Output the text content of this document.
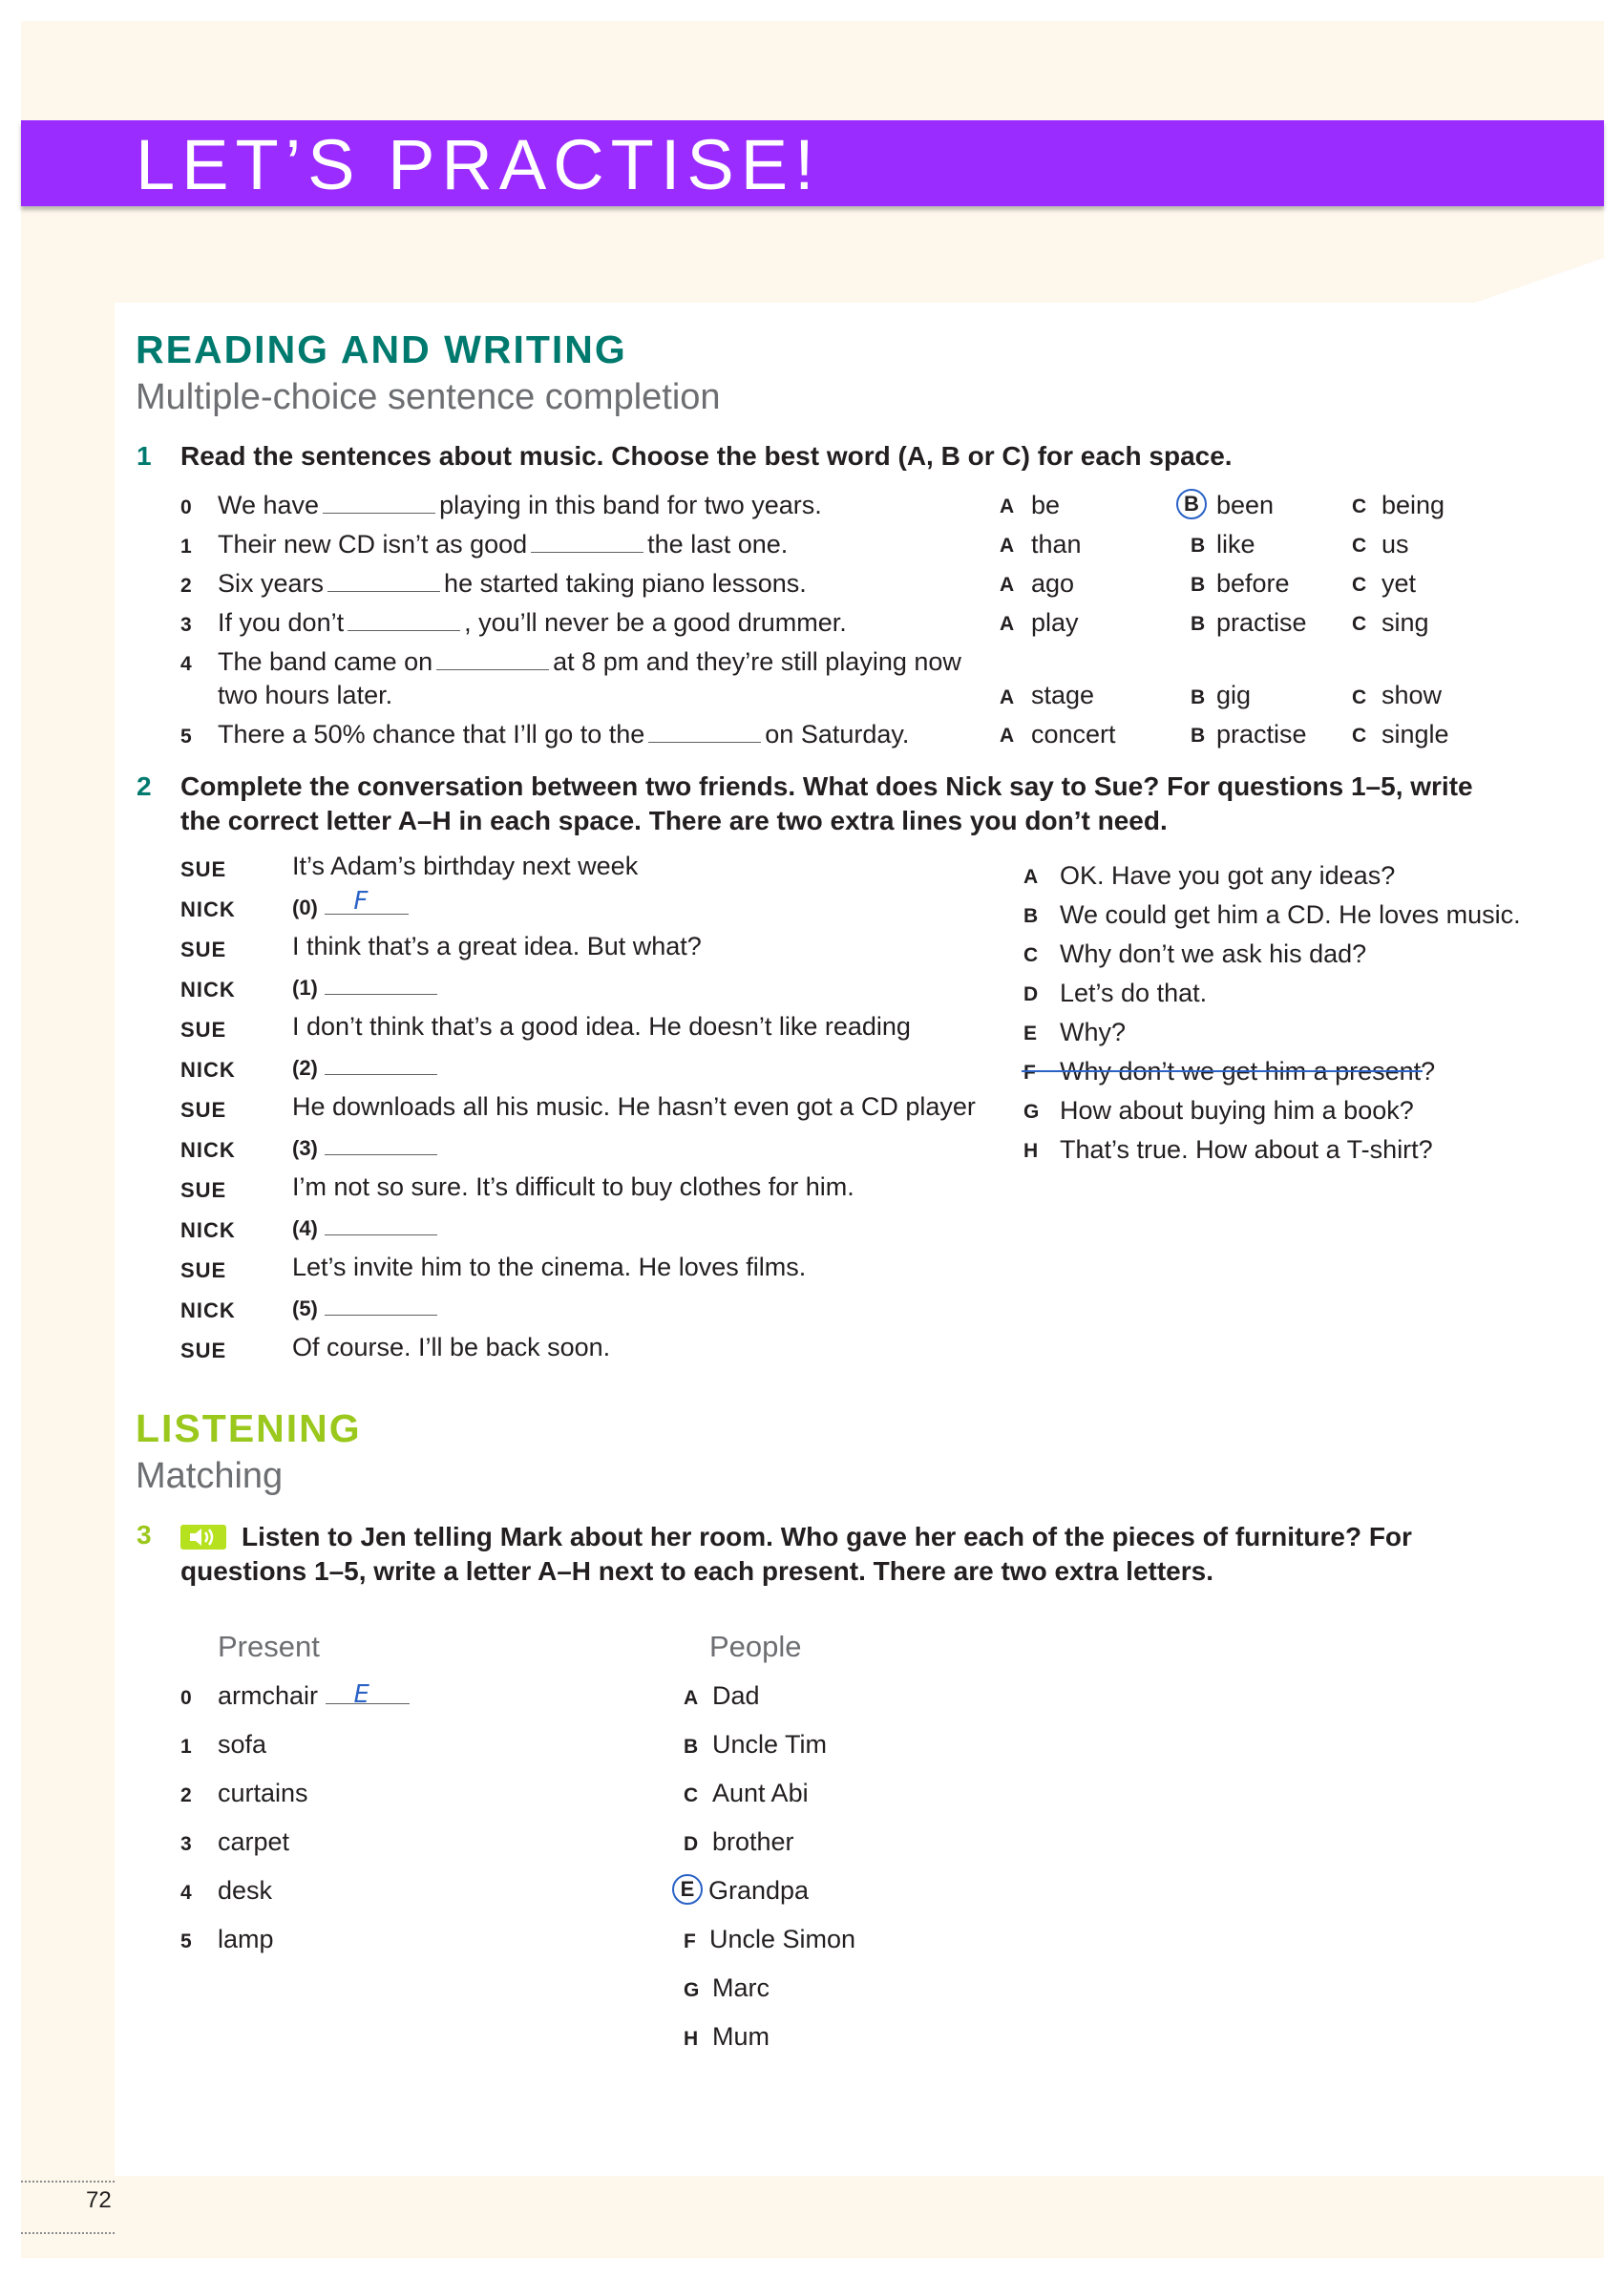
LET’S PRACTISE!
READING AND WRITING
Multiple-choice sentence completion
1 Read the sentences about music. Choose the best word (A, B or C) for each space.
0 We have	playing in this band for two years.	A be	B been	C being
1 Their new CD isn’t as good	the last one.	A than	B like	C us
2 Six years	he started taking piano lessons.	A ago	B before	C yet
3 If you don’t	, you’ll never be a good drummer.	A play	B practise C sing
4 The band came on	at 8 pm and they’re still playing now
two hours later.	A stage	B gig	C show
5 There a 50% chance that I’ll go to the	on Saturday.	A concert	B practise C single
2 Complete the conversation between two friends. What does Nick say to Sue? For questions 1–5, write the correct letter A–H in each space. There are two extra lines you don’t need.
SUE	It’s Adam’s birthday next week
NICK	(0) F
SUE	I think that’s a great idea. But what?
NICK	(1)
SUE	I don’t think that’s a good idea. He doesn’t like reading
NICK	(2)
SUE	He downloads all his music. He hasn’t even got a CD player
NICK	(3)
SUE	I’m not so sure. It’s difficult to buy clothes for him.
NICK	(4)
SUE	Let’s invite him to the cinema. He loves films.
NICK	(5)
SUE	Of course. I’ll be back soon.
A OK. Have you got any ideas?
B We could get him a CD. He loves music.
C Why don’t we ask his dad?
D Let’s do that.
E Why?
F Why don’t we get him a present?
G How about buying him a book?
H That’s true. How about a T-shirt?
LISTENING
Matching
3	Listen to Jen telling Mark about her room. Who gave her each of the pieces of furniture? For questions 1–5, write a letter A–H next to each present. There are two extra letters.
Present	People
0 armchair E
1 sofa
2 curtains
3 carpet
4 desk
5 lamp
A Dad
B Uncle Tim
C Aunt Abi
D brother
E Grandpa
F Uncle Simon
G Marc
H Mum
72
